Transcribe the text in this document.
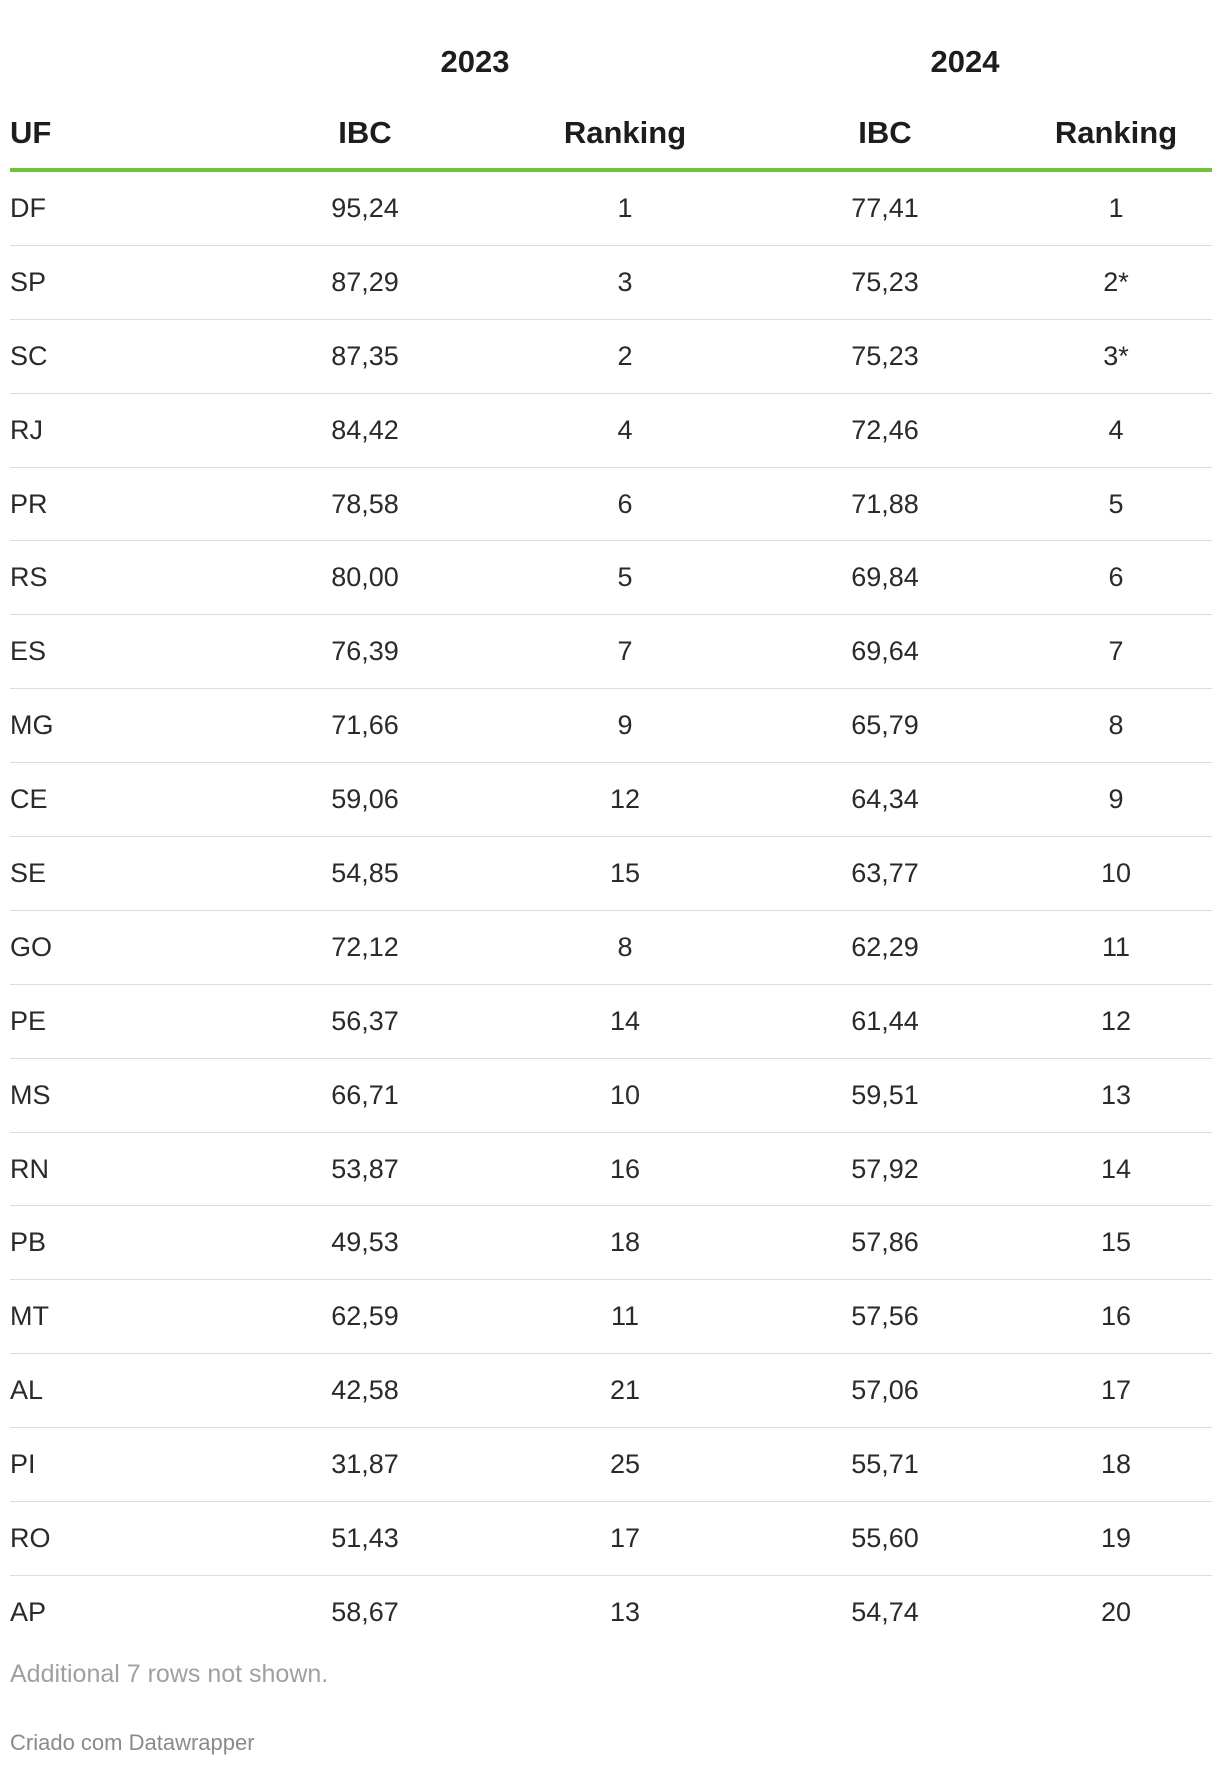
2023	2024
UF	IBC	Ranking	IBC	Ranking
DF	95,24	1	77,41	1
SP	87,29	3	75,23	2*
SC	87,35	2	75,23	3*
RJ	84,42	4	72,46	4
PR	78,58	6	71,88	5
RS	80,00	5	69,84	6
ES	76,39	7	69,64	7
MG	71,66	9	65,79	8
CE	59,06	12	64,34	9
SE	54,85	15	63,77	10
GO	72,12	8	62,29	11
PE	56,37	14	61,44	12
MS	66,71	10	59,51	13
RN	53,87	16	57,92	14
PB	49,53	18	57,86	15
MT	62,59	11	57,56	16
AL	42,58	21	57,06	17
PI	31,87	25	55,71	18
RO	51,43	17	55,60	19
AP	58,67	13	54,74	20
Additional 7 rows not shown.
Criado com Datawrapper
